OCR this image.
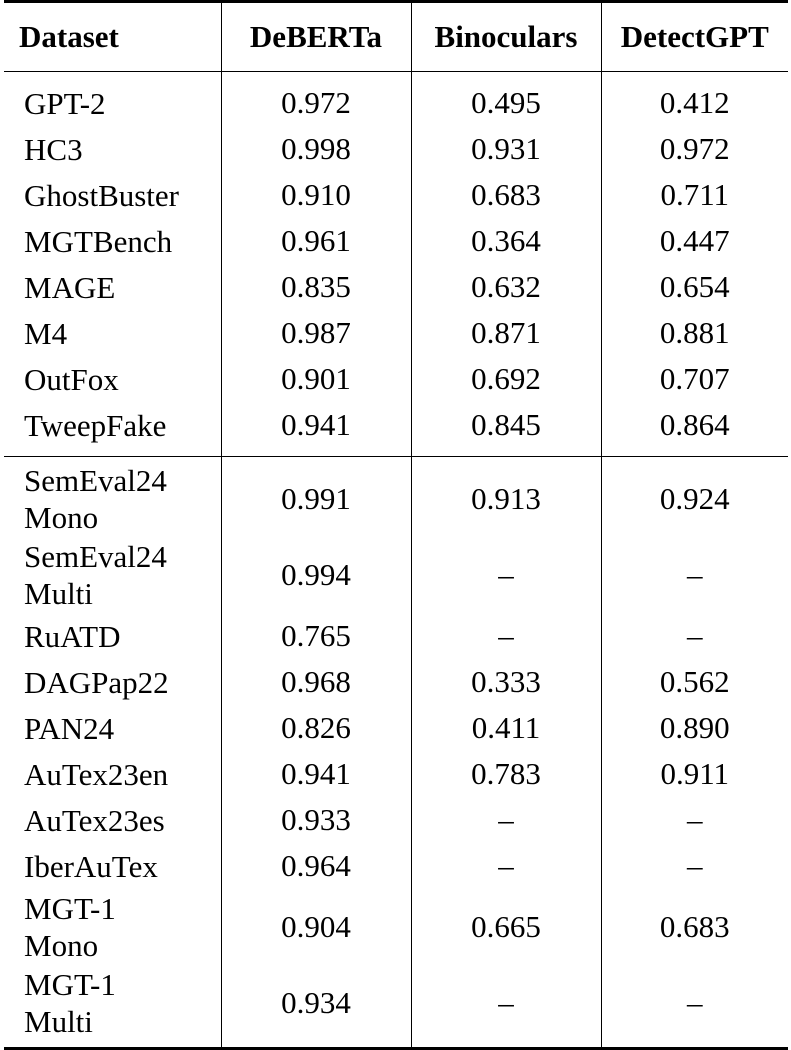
Dataset	DeBERTa	Binoculars	DetectGPT

GPT-2	0.972	0.495	0.412

HC3	0.998	0.931	0.972

GhostBuster	0.910	0.683	0.711

MGTBench	0.961	0.364	0.447

MAGE	0.835	0.632	0.654

M4	0.987	0.871	0.881

OutFox	0.901	0.692	0.707

TweepFake	0.941	0.845	0.864

SemEval24
Mono	0.991	0.913	0.924

SemEval24
Multi	0.994	–	–

RuATD	0.765	–	–

DAGPap22	0.968	0.333	0.562

PAN24	0.826	0.411	0.890

AuTex23en	0.941	0.783	0.911

AuTex23es	0.933	–	–

IberAuTex	0.964	–	–

MGT-1
Mono	0.904	0.665	0.683

MGT-1
Multi	0.934	–	–
